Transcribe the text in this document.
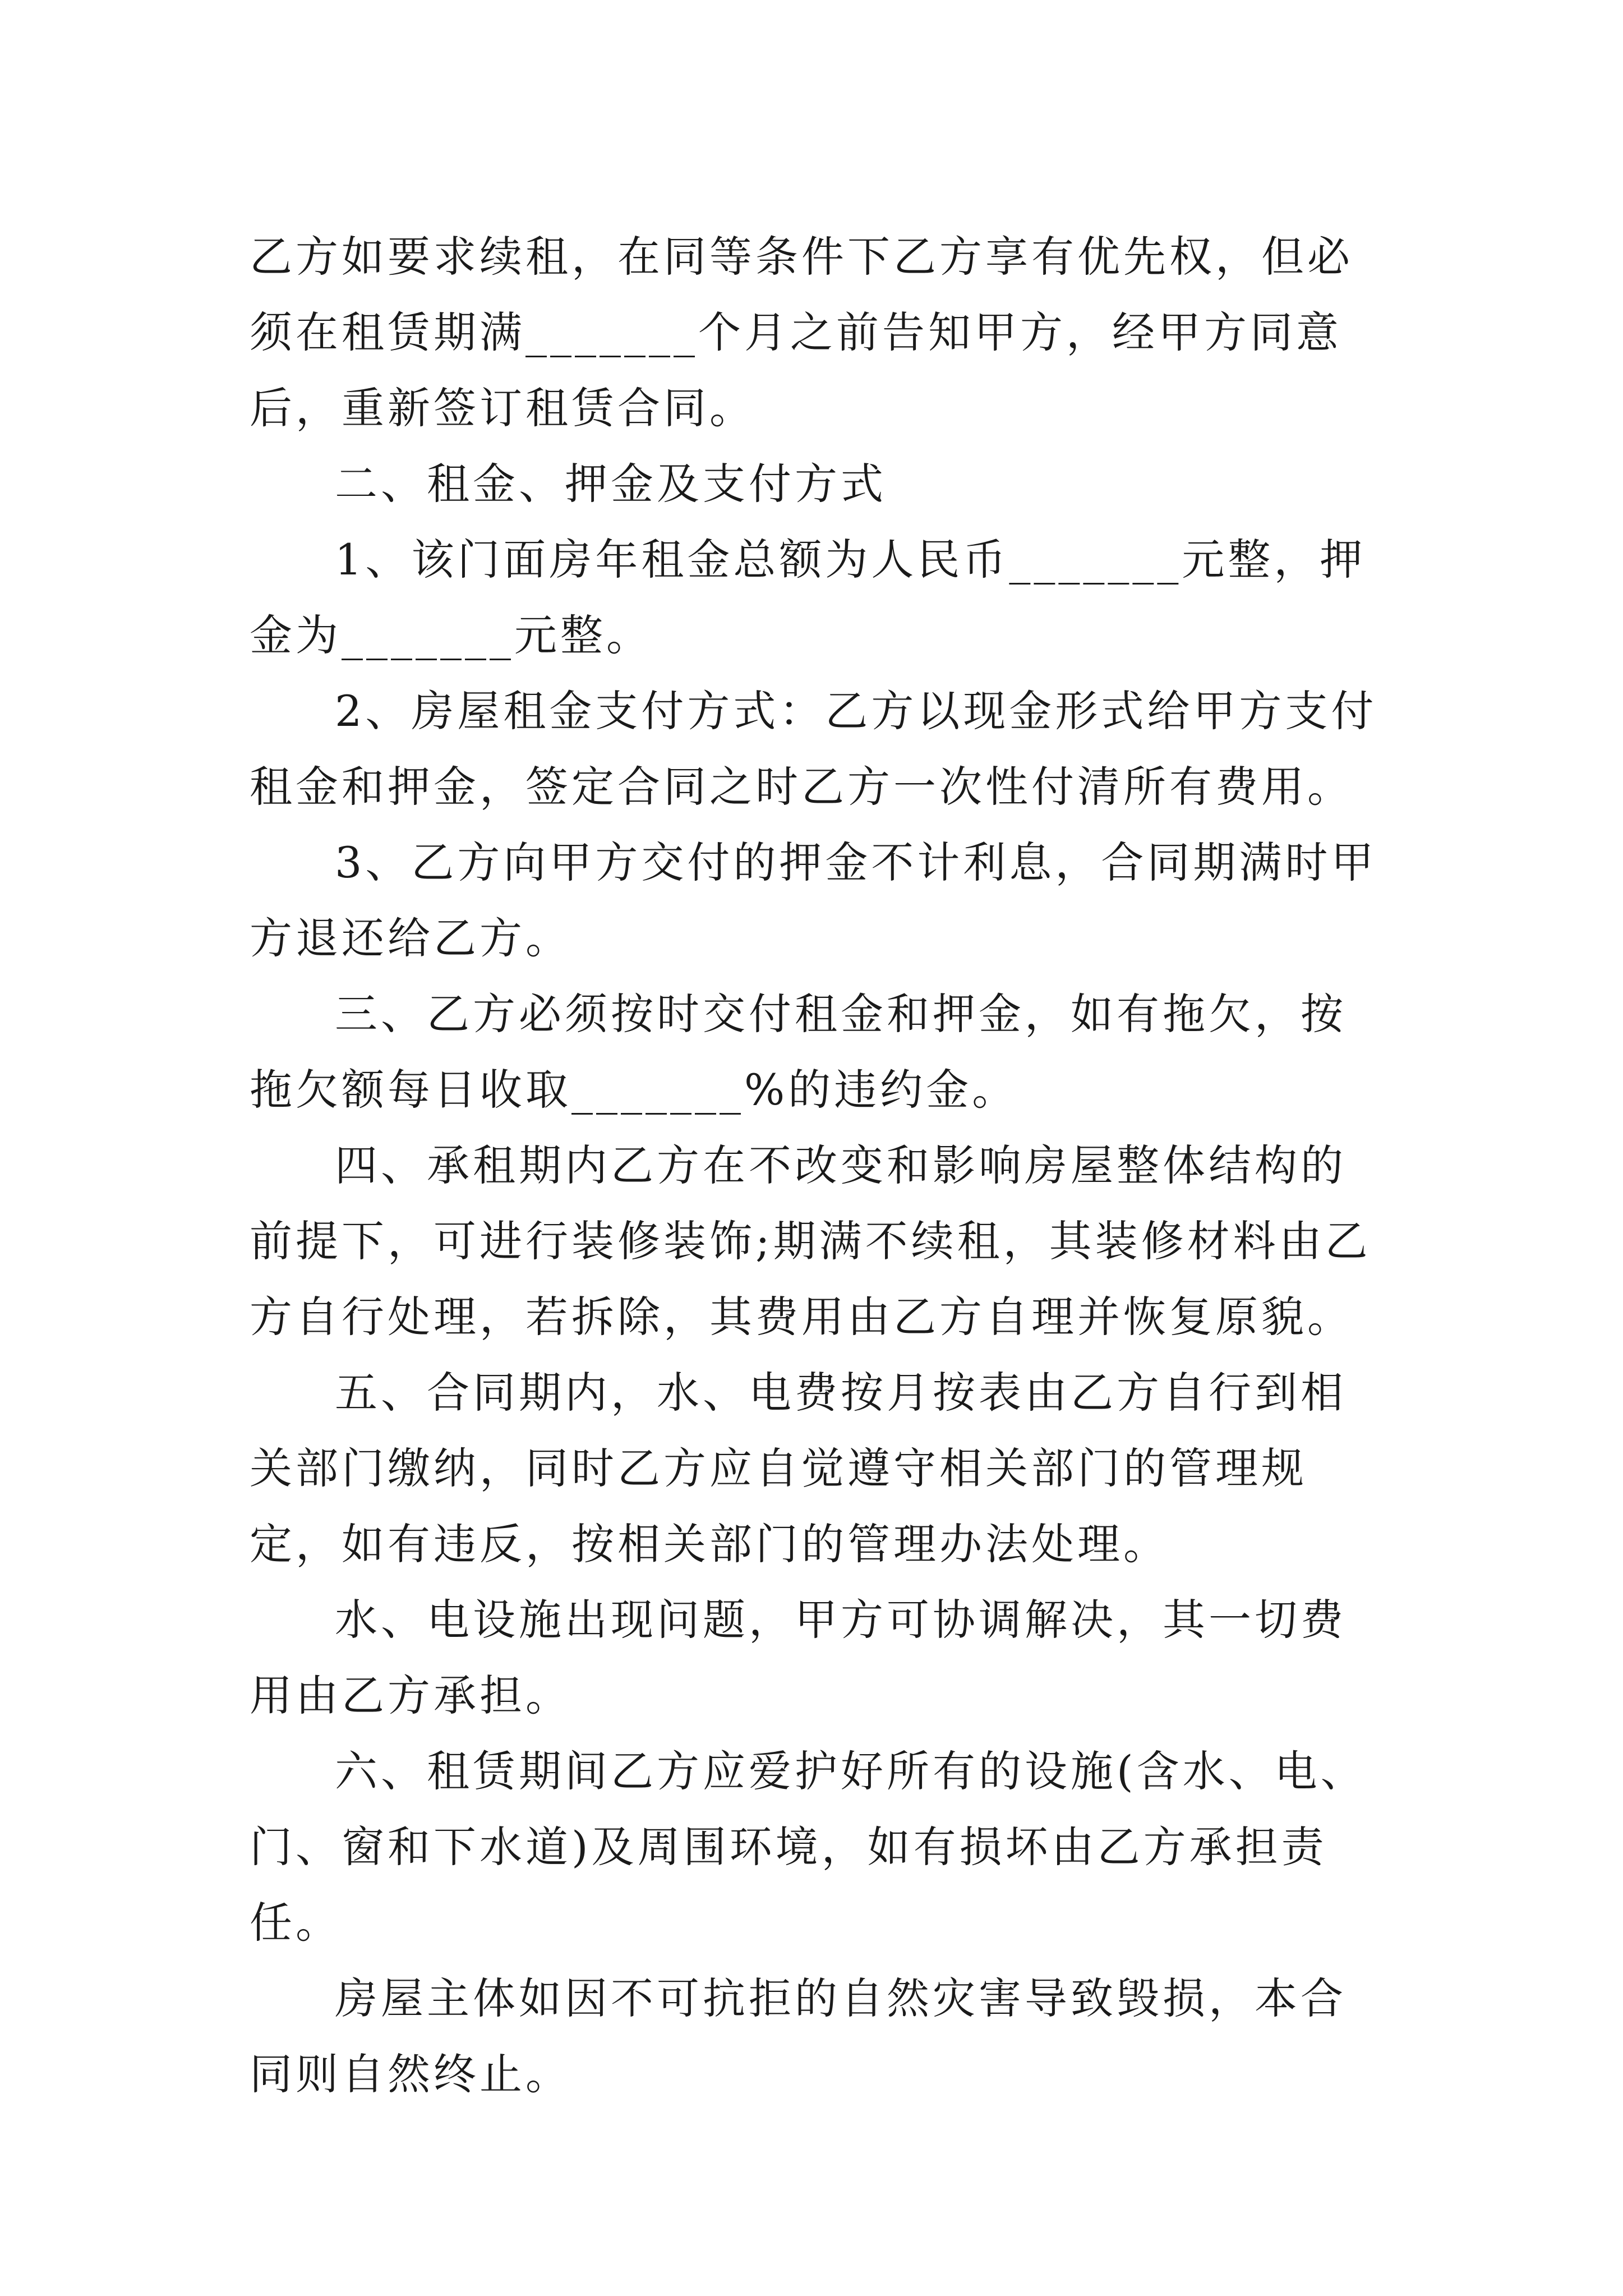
乙方如要求续租，在同等条件下乙方享有优先权，但必须在租赁期满_______个月之前告知甲方，经甲方同意后，重新签订租赁合同。

二、租金、押金及支付方式

1、该门面房年租金总额为人民币_______元整，押金为_______元整。

2、房屋租金支付方式：乙方以现金形式给甲方支付租金和押金，签定合同之时乙方一次性付清所有费用。

3、乙方向甲方交付的押金不计利息，合同期满时甲方退还给乙方。

三、乙方必须按时交付租金和押金，如有拖欠，按拖欠额每日收取_______%的违约金。

四、承租期内乙方在不改变和影响房屋整体结构的前提下，可进行装修装饰;期满不续租，其装修材料由乙方自行处理，若拆除，其费用由乙方自理并恢复原貌。

五、合同期内，水、电费按月按表由乙方自行到相关部门缴纳，同时乙方应自觉遵守相关部门的管理规定，如有违反，按相关部门的管理办法处理。

水、电设施出现问题，甲方可协调解决，其一切费用由乙方承担。

六、租赁期间乙方应爱护好所有的设施(含水、电、门、窗和下水道)及周围环境，如有损坏由乙方承担责任。

房屋主体如因不可抗拒的自然灾害导致毁损，本合同则自然终止。
